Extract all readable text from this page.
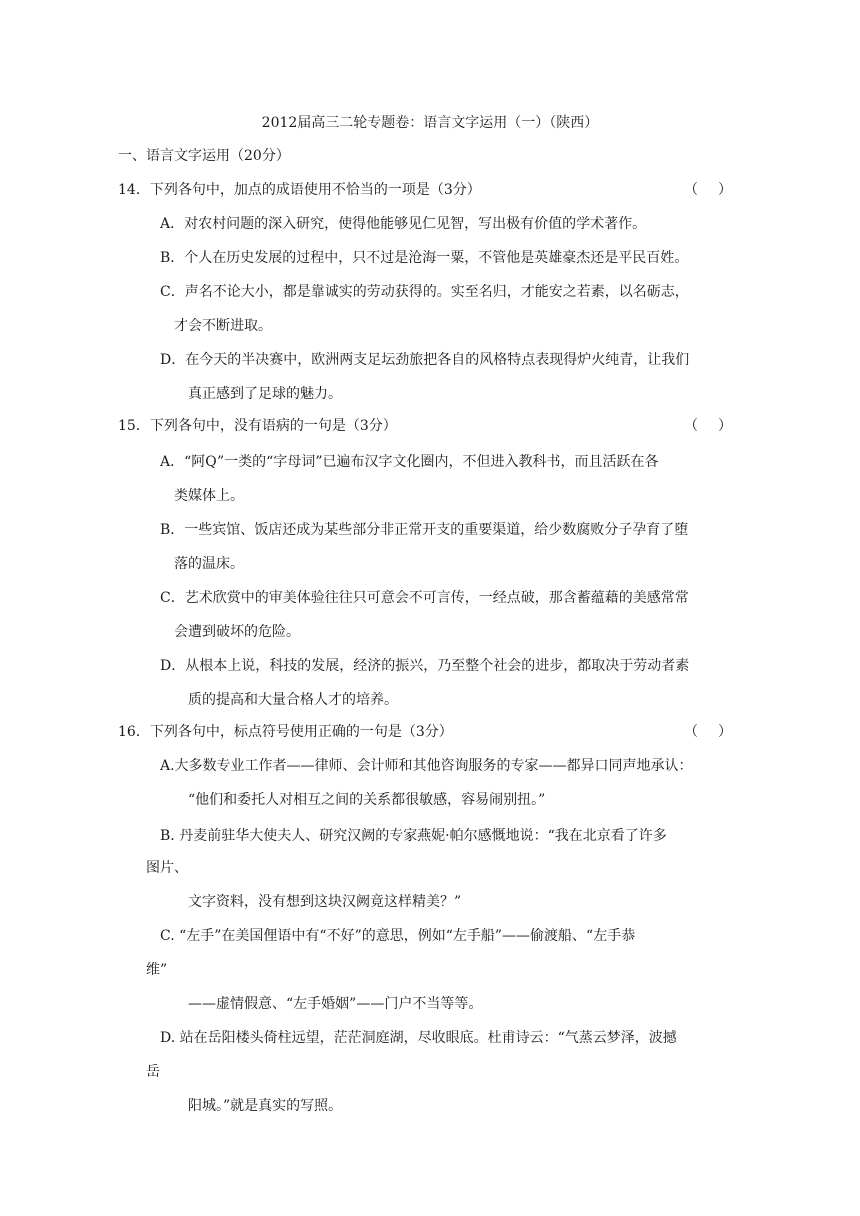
2012届高三二轮专题卷：语言文字运用（一）（陕西）
一、语言文字运用（20分）
14．下列各句中，加点的成语使用不恰当的一项是（3分）	（ ）
A．对农村问题的深入研究，使得他能够见仁见智，写出极有价值的学术著作。
B．个人在历史发展的过程中，只不过是沧海一粟，不管他是英雄豪杰还是平民百姓。
C．声名不论大小，都是靠诚实的劳动获得的。实至名归，才能安之若素，以名砺志，
才会不断进取。
D．在今天的半决赛中，欧洲两支足坛劲旅把各自的风格特点表现得炉火纯青，让我们
真正感到了足球的魅力。
15．下列各句中，没有语病的一句是（3分）	（ ）
A．“阿Q”一类的“字母词”已遍布汉字文化圈内，不但进入教科书，而且活跃在各
类媒体上。
B．一些宾馆、饭店还成为某些部分非正常开支的重要渠道，给少数腐败分子孕育了堕
落的温床。
C．艺术欣赏中的审美体验往往只可意会不可言传，一经点破，那含蓄蕴藉的美感常常
会遭到破坏的危险。
D．从根本上说，科技的发展，经济的振兴，乃至整个社会的进步，都取决于劳动者素
质的提高和大量合格人才的培养。
16．下列各句中，标点符号使用正确的一句是（3分）	（ ）
A.大多数专业工作者——律师、会计师和其他咨询服务的专家——都异口同声地承认：
“他们和委托人对相互之间的关系都很敏感，容易闹别扭。”
B. 丹麦前驻华大使夫人、研究汉阙的专家燕妮·帕尔感慨地说：“我在北京看了许多
图片、
文字资料，没有想到这块汉阙竟这样精美？”
C. “左手”在美国俚语中有“不好”的意思，例如“左手船”——偷渡船、“左手恭
维”
——虚情假意、“左手婚姻”——门户不当等等。
D. 站在岳阳楼头倚柱远望，茫茫洞庭湖，尽收眼底。杜甫诗云：“气蒸云梦泽，波撼
岳
阳城。”就是真实的写照。
